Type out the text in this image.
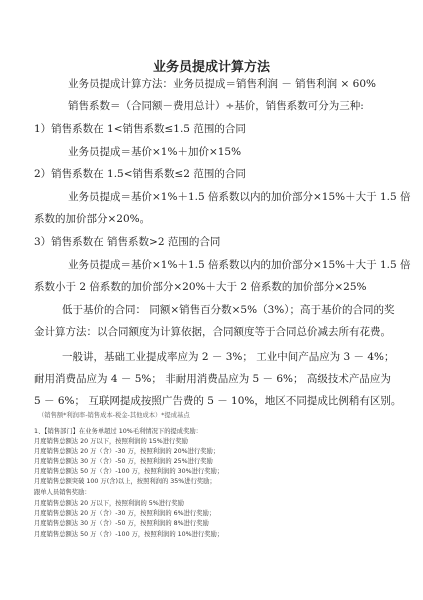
业务员提成计算方法
业务员提成计算方法：业务员提成＝销售利润 － 销售利润 × 60%
销售系数＝（合同额－费用总计）÷基价，销售系数可分为三种:
1）销售系数在 1<销售系数≤1.5 范围的合同
业务员提成＝基价×1%＋加价×15%
2）销售系数在 1.5<销售系数≤2 范围的合同
业务员提成＝基价×1%＋1.5 倍系数以内的加价部分×15%＋大于 1.5 倍
系数的加价部分×20%。
3）销售系数在 销售系数>2 范围的合同
业务员提成＝基价×1%＋1.5 倍系数以内的加价部分×15%＋大于 1.5 倍
系数小于 2 倍系数的加价部分×20%＋大于 2 倍系数的加价部分×25%
低于基价的合同： 同额×销售百分数×5%（3%）；高于基价的合同的奖
金计算方法：以合同额度为计算依据，合同额度等于合同总价减去所有花费。
一般讲，基础工业提成率应为 2 － 3%； 工业中间产品应为 3 － 4%；
耐用消费品应为 4 － 5%； 非耐用消费品应为 5 － 6%； 高级技术产品应为
5 － 6%； 互联网提成按照广告费的 5 － 10%，地区不同提成比例稍有区别。
（销售额*利润率-销售成本-税金-其他成本）*提成基点
1、【销售部门】在业务单超过 10%毛利情况下的提成奖励：
月度销售总额达 20 万以下，按照利润的 15%进行奖励
月度销售总额达 20 万（含）-30 万，按照利润的 20%进行奖励；
月度销售总额达 30 万（含）-50 万，按照利润的 25%进行奖励
月度销售总额达 50 万（含）-100 万，按照利润的 30%进行奖励；
月度销售总额突破 100 万(含)以上，按照利润的 35%进行奖励；
跟单人员销售奖励：
月度销售总额达 20 万以下，按照利润的 5%进行奖励
月度销售总额达 20 万（含）-30 万，按照利润的 6%进行奖励；
月度销售总额达 30 万（含）-50 万，按照利润的 8%进行奖励
月度销售总额达 50 万（含）-100 万，按照利润的 10%进行奖励；
